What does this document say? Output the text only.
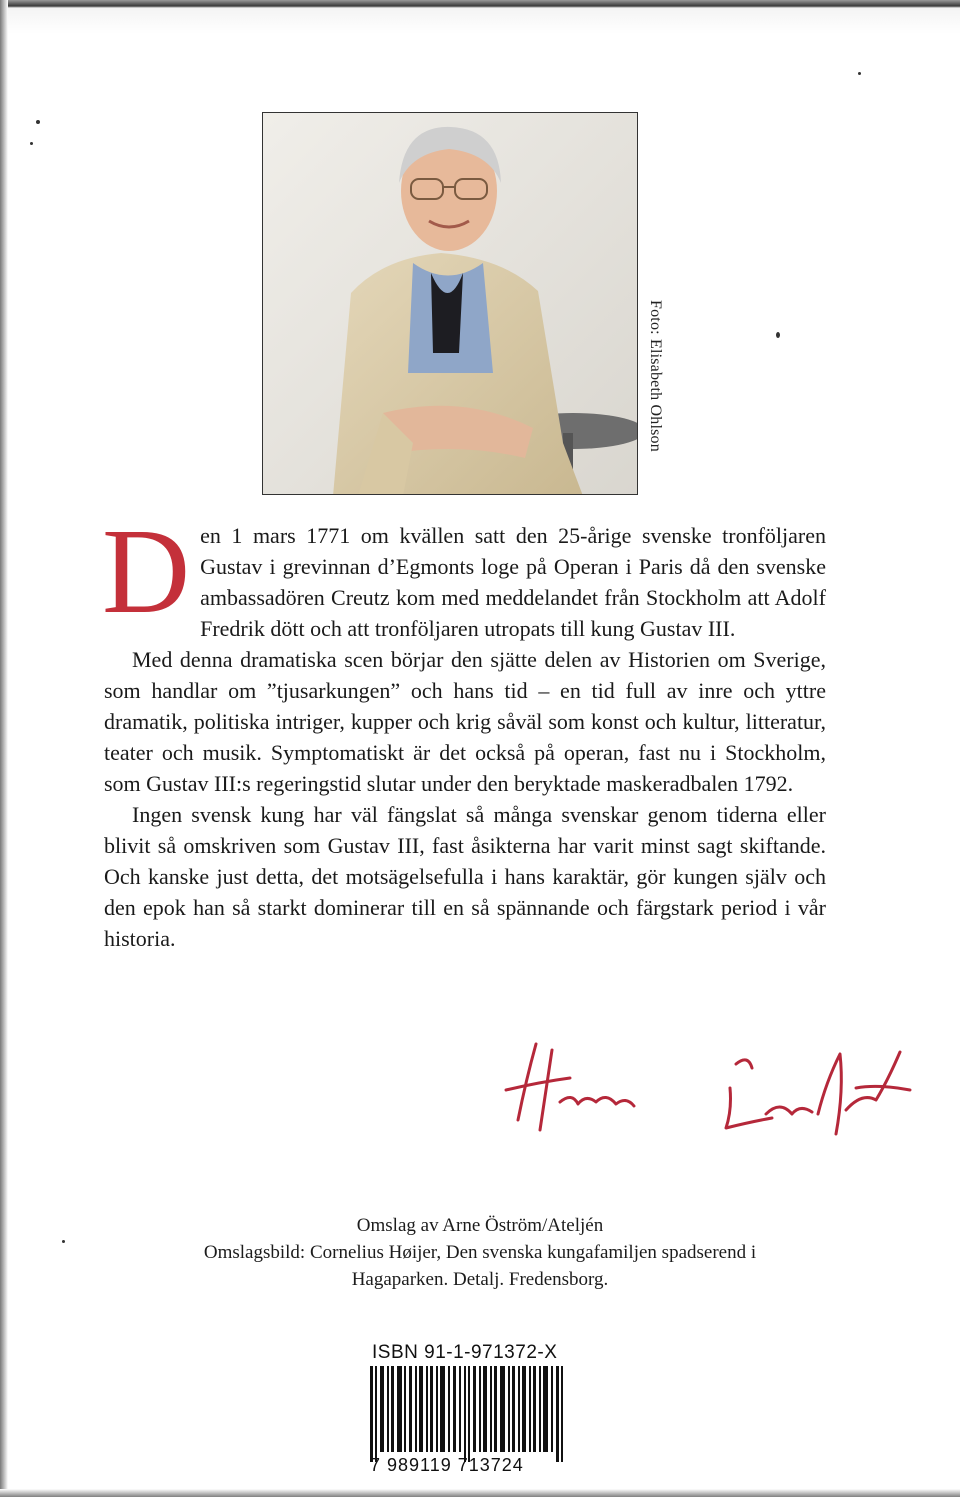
Foto: Elisabeth Ohlson

Den 1 mars 1771 om kvällen satt den 25-årige svenske tronföljaren Gustav i grevinnan d’Egmonts loge på Operan i Paris då den svenske ambassadören Creutz kom med meddelandet från Stockholm att Adolf Fredrik dött och att tronföljaren utropats till kung Gustav III.

Med denna dramatiska scen börjar den sjätte delen av Historien om Sverige, som handlar om ”tjusarkungen” och hans tid – en tid full av inre och yttre dramatik, politiska intriger, kupper och krig såväl som konst och kultur, litteratur, teater och musik. Symptomatiskt är det också på operan, fast nu i Stockholm, som Gustav III:s regeringstid slutar under den beryktade maskeradbalen 1792.

Ingen svensk kung har väl fängslat så många svenskar genom tiderna eller blivit så omskriven som Gustav III, fast åsikterna har varit minst sagt skiftande. Och kanske just detta, det motsägelsefulla i hans karaktär, gör kungen själv och den epok han så starkt dominerar till en så spännande och färgstark period i vår historia.

Omslag av Arne Öström/Ateljén
Omslagsbild: Cornelius Høijer, Den svenska kungafamiljen spadserend i
Hagaparken. Detalj. Fredensborg.
ISBN 91-1-971372-X
7 989119 713724
